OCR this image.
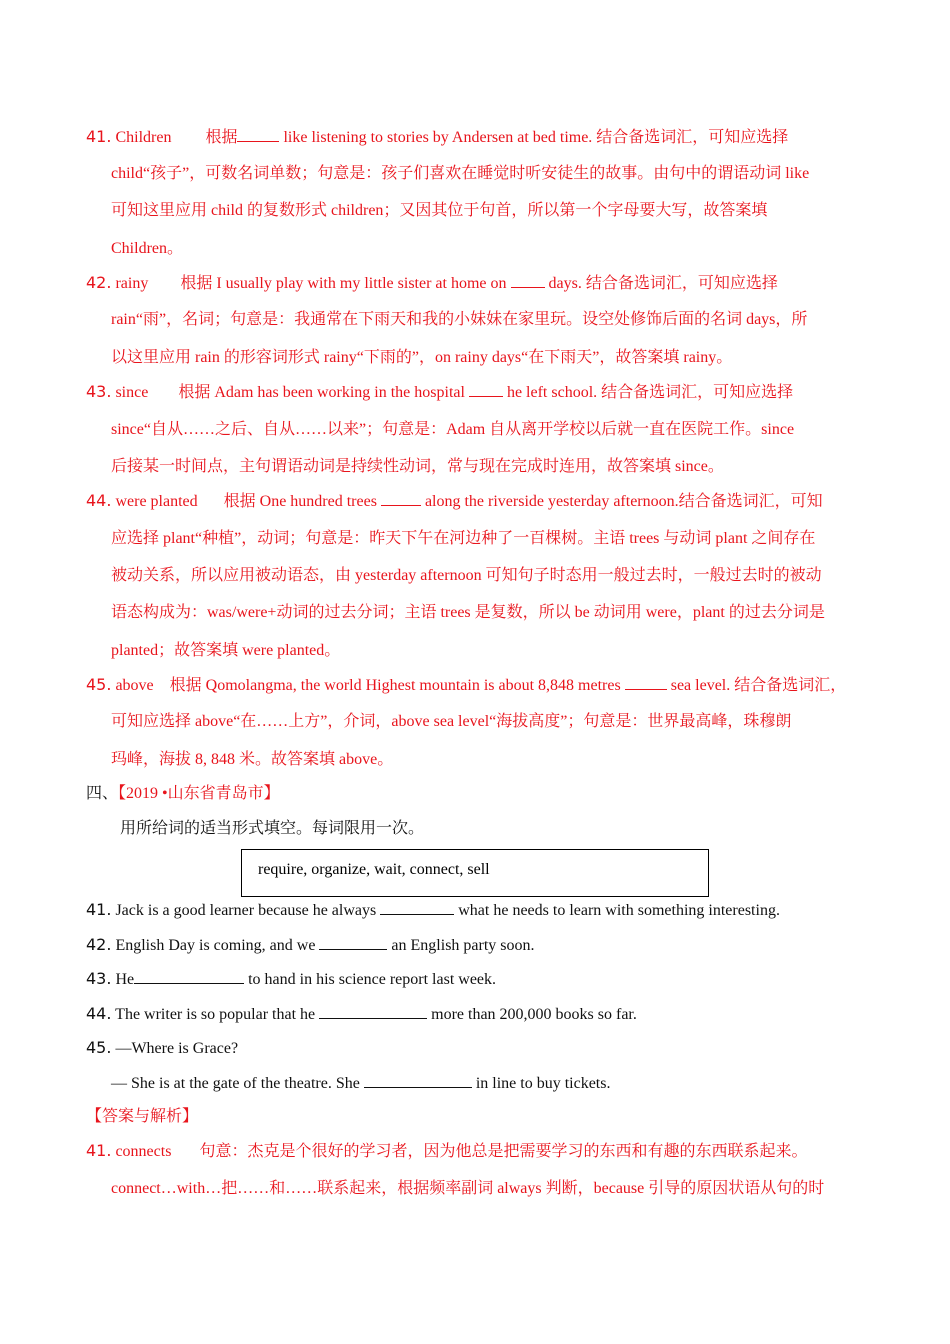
41. Children 根据	like listening to stories by Andersen at bed time. 结合备选词汇，可知应选择
child“孩子”，可数名词单数；句意是：孩子们喜欢在睡觉时听安徒生的故事。由句中的谓语动词 like
可知这里应用 child 的复数形式 children；又因其位于句首，所以第一个字母要大写，故答案填
Children。
42. rainy 根据 I usually play with my little sister at home on	days. 结合备选词汇，可知应选择
rain“雨”，名词；句意是：我通常在下雨天和我的小妹妹在家里玩。设空处修饰后面的名词 days，所
以这里应用 rain 的形容词形式 rainy“下雨的”，on rainy days“在下雨天”，故答案填 rainy。
43. since 根据 Adam has been working in the hospital	he left school. 结合备选词汇，可知应选择
since“自从……之后、自从……以来”；句意是：Adam 自从离开学校以后就一直在医院工作。since
后接某一时间点，主句谓语动词是持续性动词，常与现在完成时连用，故答案填 since。
44. were planted 根据 One hundred trees	along the riverside yesterday afternoon.结合备选词汇，可知
应选择 plant“种植”，动词；句意是：昨天下午在河边种了一百棵树。主语 trees 与动词 plant 之间存在
被动关系，所以应用被动语态，由 yesterday afternoon 可知句子时态用一般过去时，一般过去时的被动
语态构成为：was/were+动词的过去分词；主语 trees 是复数，所以 be 动词用 were，plant 的过去分词是
planted；故答案填 were planted。
45. above 根据 Qomolangma, the world Highest mountain is about 8,848 metres	sea level. 结合备选词汇，
可知应选择 above“在……上方”，介词，above sea level“海拔高度”；句意是：世界最高峰，珠穆朗
玛峰，海拔 8, 848 米。故答案填 above。
四、【2019 •山东省青岛市】
用所给词的适当形式填空。每词限用一次。
require, organize, wait, connect, sell
41. Jack is a good learner because he always	what he needs to learn with something interesting.
42. English Day is coming, and we	an English party soon.
43. He	to hand in his science report last week.
44. The writer is so popular that he	more than 200,000 books so far.
45. —Where is Grace?
— She is at the gate of the theatre. She	in line to buy tickets.
【答案与解析】
41. connects 句意：杰克是个很好的学习者，因为他总是把需要学习的东西和有趣的东西联系起来。
connect…with…把……和……联系起来，根据频率副词 always 判断，because 引导的原因状语从句的时
